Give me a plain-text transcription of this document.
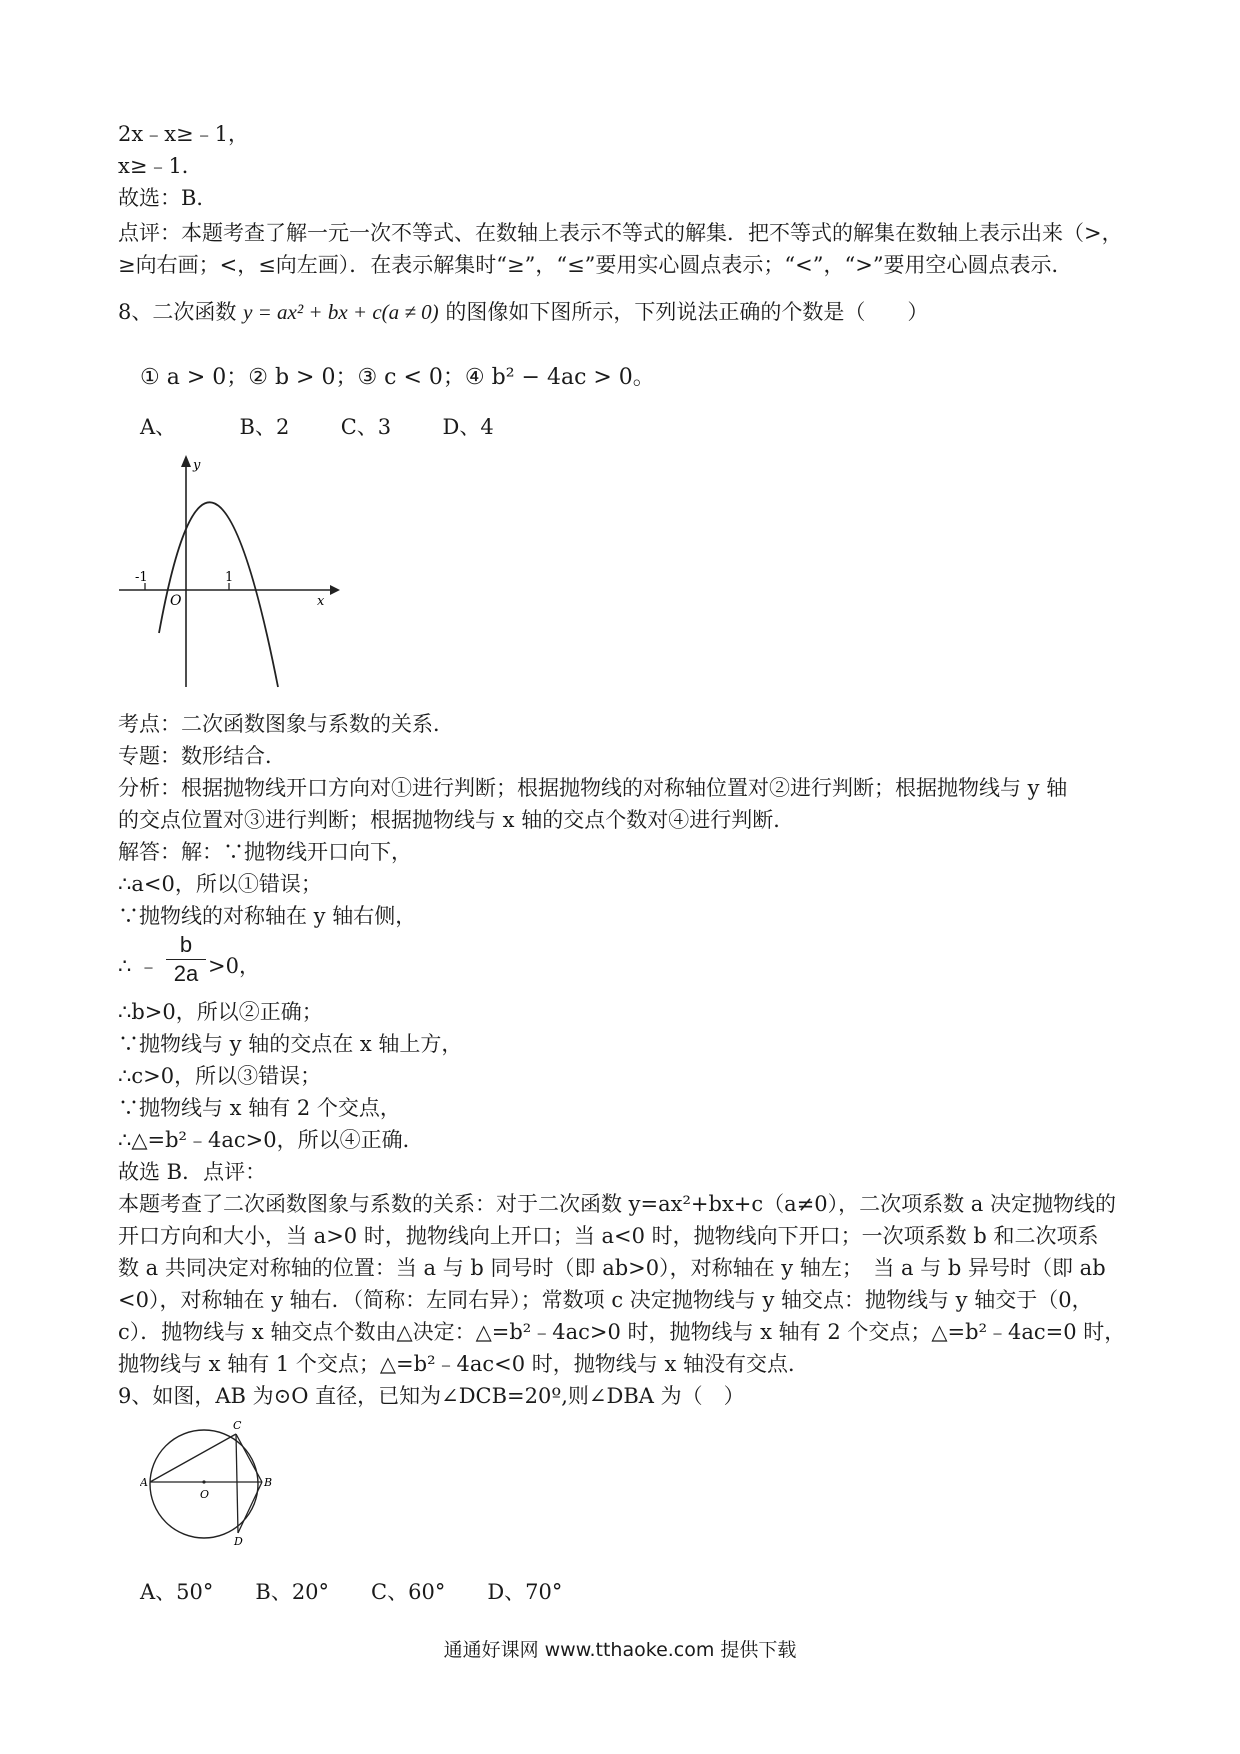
2x﹣x≥﹣1，
x≥﹣1．
故选：B．
点评：本题考查了解一元一次不等式、在数轴上表示不等式的解集．把不等式的解集在数轴上表示出来（>，
≥向右画；<，≤向左画）．在表示解集时“≥”，“≤”要用实心圆点表示；“<”，“>”要用空心圆点表示．
8、二次函数 y = ax² + bx + c(a ≠ 0) 的图像如下图所示，下列说法正确的个数是（　　）
① a > 0；② b > 0；③ c < 0；④ b² − 4ac > 0。
A、	B、2 C、3 D、4
y
x
O
-1	1
考点：二次函数图象与系数的关系．
专题：数形结合．
分析：根据抛物线开口方向对①进行判断；根据抛物线的对称轴位置对②进行判断；根据抛物线与 y 轴
的交点位置对③进行判断；根据抛物线与 x 轴的交点个数对④进行判断．
解答：解：∵抛物线开口向下，
∴a<0，所以①错误；
∵抛物线的对称轴在 y 轴右侧，
∴ ﹣ $\frac{b}{2a} >0$，
∴b>0，所以②正确；
∵抛物线与 y 轴的交点在 x 轴上方，
∴c>0，所以③错误；
∵抛物线与 x 轴有 2 个交点，
∴△=b²﹣4ac>0，所以④正确．
故选 B．点评：
本题考查了二次函数图象与系数的关系：对于二次函数 y=ax²+bx+c（a≠0），二次项系数 a 决定抛物线的
开口方向和大小，当 a>0 时，抛物线向上开口；当 a<0 时，抛物线向下开口；一次项系数 b 和二次项系
数 a 共同决定对称轴的位置：当 a 与 b 同号时（即 ab>0），对称轴在 y 轴左；　当 a 与 b 异号时（即 ab
<0），对称轴在 y 轴右．（简称：左同右异）；常数项 c 决定抛物线与 y 轴交点：抛物线与 y 轴交于（0，
c）．抛物线与 x 轴交点个数由△决定：△=b²﹣4ac>0 时，抛物线与 x 轴有 2 个交点；△=b²﹣4ac=0 时，
抛物线与 x 轴有 1 个交点；△=b²﹣4ac<0 时，抛物线与 x 轴没有交点．
9、如图，AB 为⊙O 直径，已知为∠DCB=20º,则∠DBA 为（　）
A	B
C
D
O
A、50°　　B、20°　　C、60°　　D、70°
通通好课网 www.tthaoke.com 提供下载
